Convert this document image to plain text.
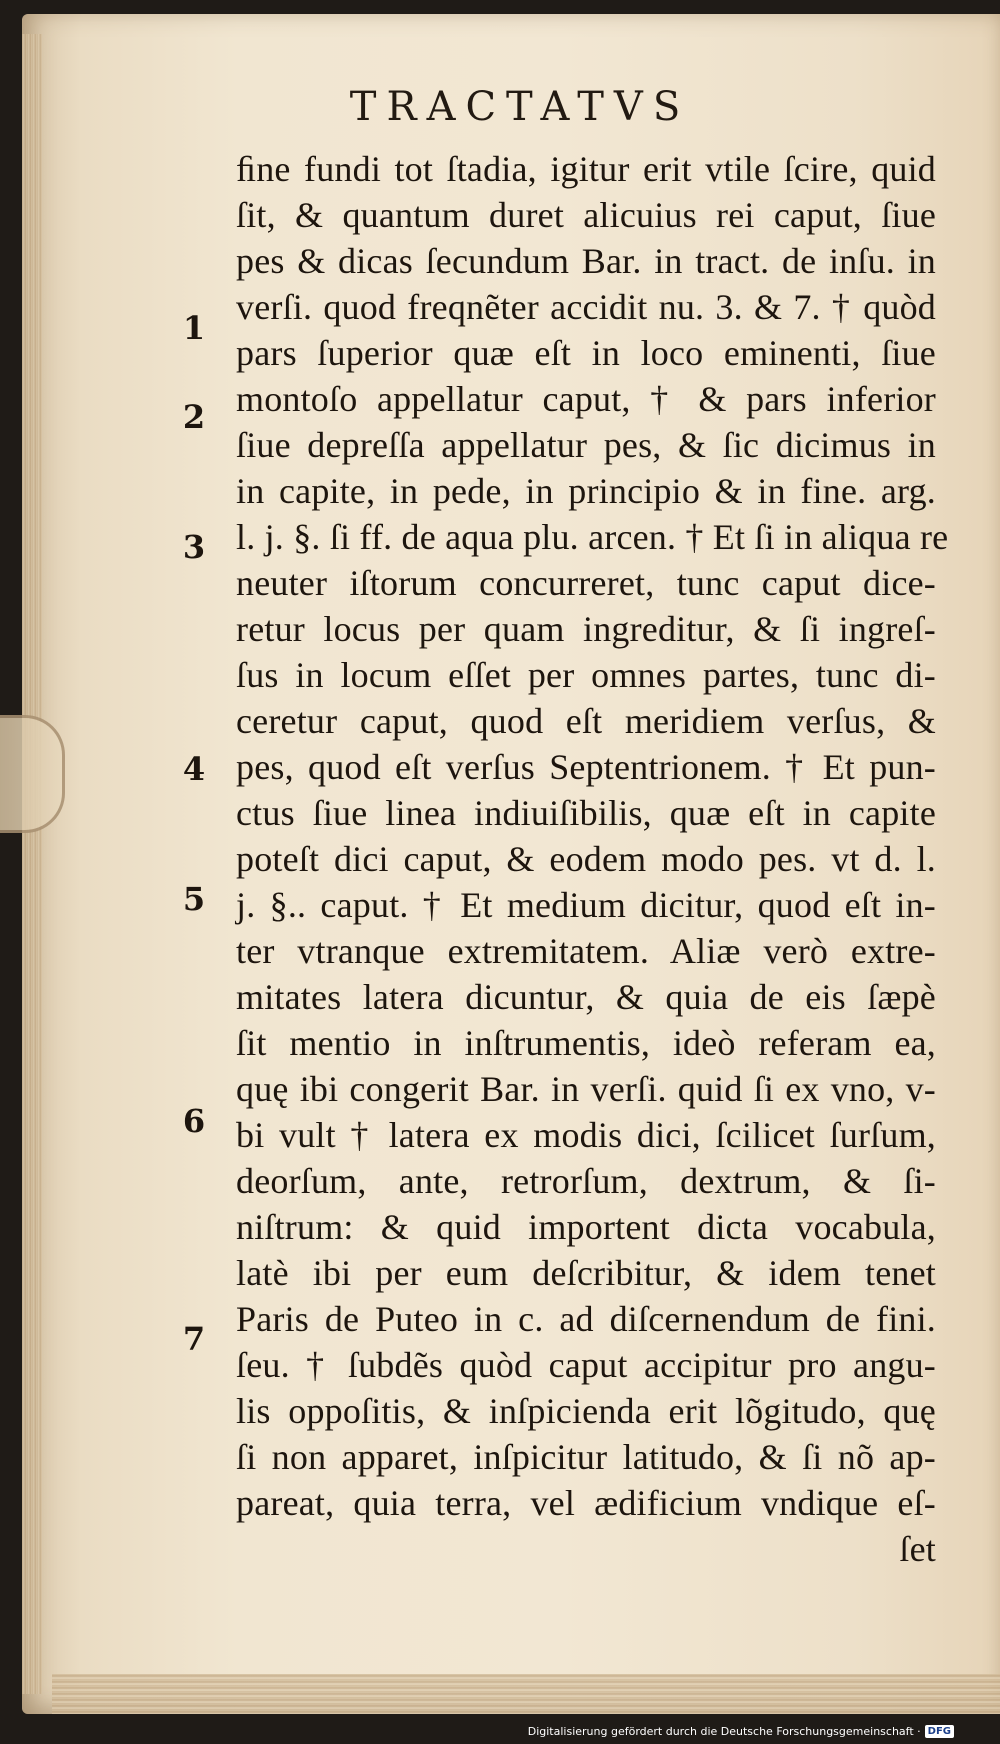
TRACTATVS
ﬁne fundi tot ſtadia, igitur erit vtile ſcire, quid
ſit, & quantum duret alicuius rei caput, ſiue
pes & dicas ſecundum Bar. in tract. de inſu. in
verſi. quod freqnẽter accidit nu. 3. & 7. † quòd
pars ſuperior quæ eſt in loco eminenti, ſiue
montoſo appellatur caput, † & pars inferior
ſiue depreſſa appellatur pes, & ſic dicimus in
in capite, in pede, in principio & in fine. arg.
l. j. §. ſi ff. de aqua plu. arcen. † Et ſi in aliqua re
neuter iſtorum concurreret, tunc caput dice-
retur locus per quam ingreditur, & ſi ingreſ-
ſus in locum eſſet per omnes partes, tunc di-
ceretur caput, quod eſt meridiem verſus, &
pes, quod eſt verſus Septentrionem. † Et pun-
ctus ſiue linea indiuiſibilis, quæ eſt in capite
poteſt dici caput, & eodem modo pes. vt d. l.
j. §.. caput. † Et medium dicitur, quod eſt in-
ter vtranque extremitatem. Aliæ verò extre-
mitates latera dicuntur, & quia de eis ſæpè
ſit mentio in inſtrumentis, ideò referam ea,
quę ibi congerit Bar. in verſi. quid ſi ex vno, v-
bi vult † latera ex modis dici, ſcilicet ſurſum,
deorſum, ante, retrorſum, dextrum, & ſi-
niſtrum: & quid importent dicta vocabula,
latè ibi per eum deſcribitur, & idem tenet
Paris de Puteo in c. ad diſcernendum de fini.
ſeu. † ſubdẽs quòd caput accipitur pro angu-
lis oppoſitis, & inſpicienda erit lõgitudo, quę
ſi non apparet, inſpicitur latitudo, & ſi nõ ap-
pareat, quia terra, vel ædificium vndique eſ-
ſet
1
2
3
4
5
6
7
Digitalisierung gefördert durch die Deutsche Forschungsgemeinschaft · DFG
